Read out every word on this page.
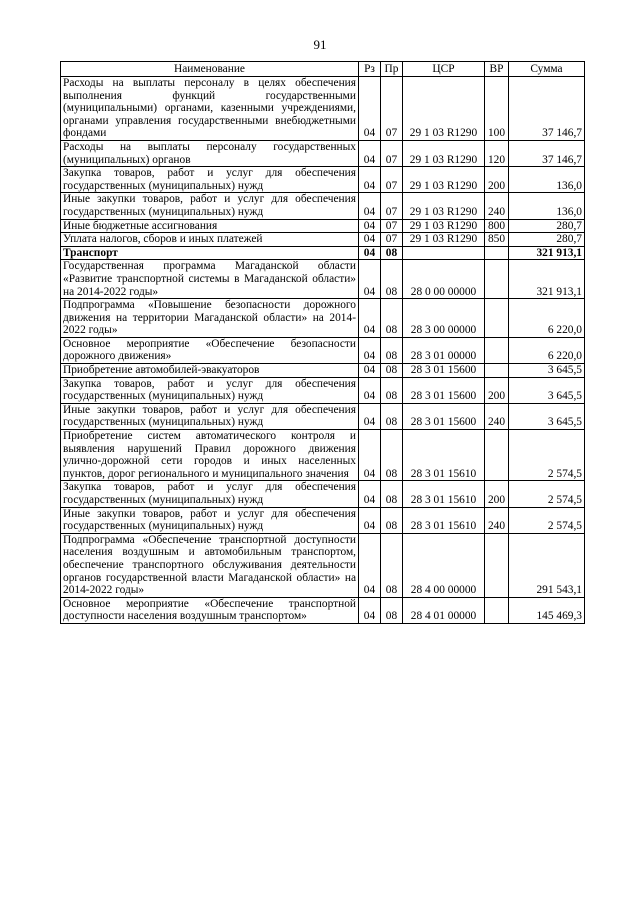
91
Наименование	Рз	Пр	ЦСР	ВР	Сумма
Расходы на выплаты персоналу в целях обеспечения выполнения функций государственными (муниципальными) органами, казенными учреждениями, органами управления государственными внебюджетными фондами	04	07	29 1 03 R1290	100	37 146,7
Расходы на выплаты персоналу государственных (муниципальных) органов	04	07	29 1 03 R1290	120	37 146,7
Закупка товаров, работ и услуг для обеспечения государственных (муниципальных) нужд	04	07	29 1 03 R1290	200	136,0
Иные закупки товаров, работ и услуг для обеспечения государственных (муниципальных) нужд	04	07	29 1 03 R1290	240	136,0
Иные бюджетные ассигнования	04	07	29 1 03 R1290	800	280,7
Уплата налогов, сборов и иных платежей	04	07	29 1 03 R1290	850	280,7
Транспорт	04	08			321 913,1
Государственная программа Магаданской области «Развитие транспортной системы в Магаданской области» на 2014-2022 годы»	04	08	28 0 00 00000		321 913,1
Подпрограмма «Повышение безопасности дорожного движения на территории Магаданской области» на 2014-2022 годы»	04	08	28 3 00 00000		6 220,0
Основное мероприятие «Обеспечение безопасности дорожного движения»	04	08	28 3 01 00000		6 220,0
Приобретение автомобилей-эвакуаторов	04	08	28 3 01 15600		3 645,5
Закупка товаров, работ и услуг для обеспечения государственных (муниципальных) нужд	04	08	28 3 01 15600	200	3 645,5
Иные закупки товаров, работ и услуг для обеспечения государственных (муниципальных) нужд	04	08	28 3 01 15600	240	3 645,5
Приобретение систем автоматического контроля и выявления нарушений Правил дорожного движения улично-дорожной сети городов и иных населенных пунктов, дорог регионального и муниципального значения	04	08	28 3 01 15610		2 574,5
Закупка товаров, работ и услуг для обеспечения государственных (муниципальных) нужд	04	08	28 3 01 15610	200	2 574,5
Иные закупки товаров, работ и услуг для обеспечения государственных (муниципальных) нужд	04	08	28 3 01 15610	240	2 574,5
Подпрограмма «Обеспечение транспортной доступности населения воздушным и автомобильным транспортом, обеспечение транспортного обслуживания деятельности органов государственной власти Магаданской области» на 2014-2022 годы»	04	08	28 4 00 00000		291 543,1
Основное мероприятие «Обеспечение транспортной доступности населения воздушным транспортом»	04	08	28 4 01 00000		145 469,3
